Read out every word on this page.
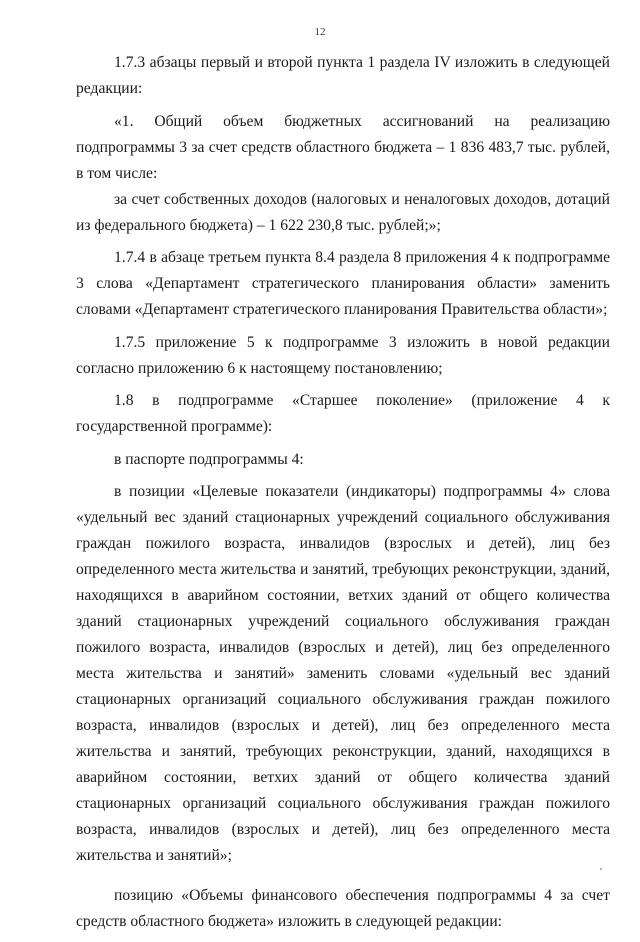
12

1.7.3 абзацы первый и второй пункта 1 раздела IV изложить в следующей редакции:

«1. Общий объем бюджетных ассигнований на реализацию подпрограммы 3 за счет средств областного бюджета – 1 836 483,7 тыс. рублей, в том числе:

за счет собственных доходов (налоговых и неналоговых доходов, дотаций из федерального бюджета) – 1 622 230,8 тыс. рублей;»;

1.7.4 в абзаце третьем пункта 8.4 раздела 8 приложения 4 к подпрограмме 3 слова «Департамент стратегического планирования области» заменить словами «Департамент стратегического планирования Правительства области»;

1.7.5 приложение 5 к подпрограмме 3 изложить в новой редакции согласно приложению 6 к настоящему постановлению;

1.8 в подпрограмме «Старшее поколение» (приложение 4 к государственной программе):

в паспорте подпрограммы 4:

в позиции «Целевые показатели (индикаторы) подпрограммы 4» слова «удельный вес зданий стационарных учреждений социального обслуживания граждан пожилого возраста, инвалидов (взрослых и детей), лиц без определенного места жительства и занятий, требующих реконструкции, зданий, находящихся в аварийном состоянии, ветхих зданий от общего количества зданий стационарных учреждений социального обслуживания граждан пожилого возраста, инвалидов (взрослых и детей), лиц без определенного места жительства и занятий» заменить словами «удельный вес зданий стационарных организаций социального обслуживания граждан пожилого возраста, инвалидов (взрослых и детей), лиц без определенного места жительства и занятий, требующих реконструкции, зданий, находящихся в аварийном состоянии, ветхих зданий от общего количества зданий стационарных организаций социального обслуживания граждан пожилого возраста, инвалидов (взрослых и детей), лиц без определенного места жительства и занятий»;

позицию «Объемы финансового обеспечения подпрограммы 4 за счет средств областного бюджета» изложить в следующей редакции:
